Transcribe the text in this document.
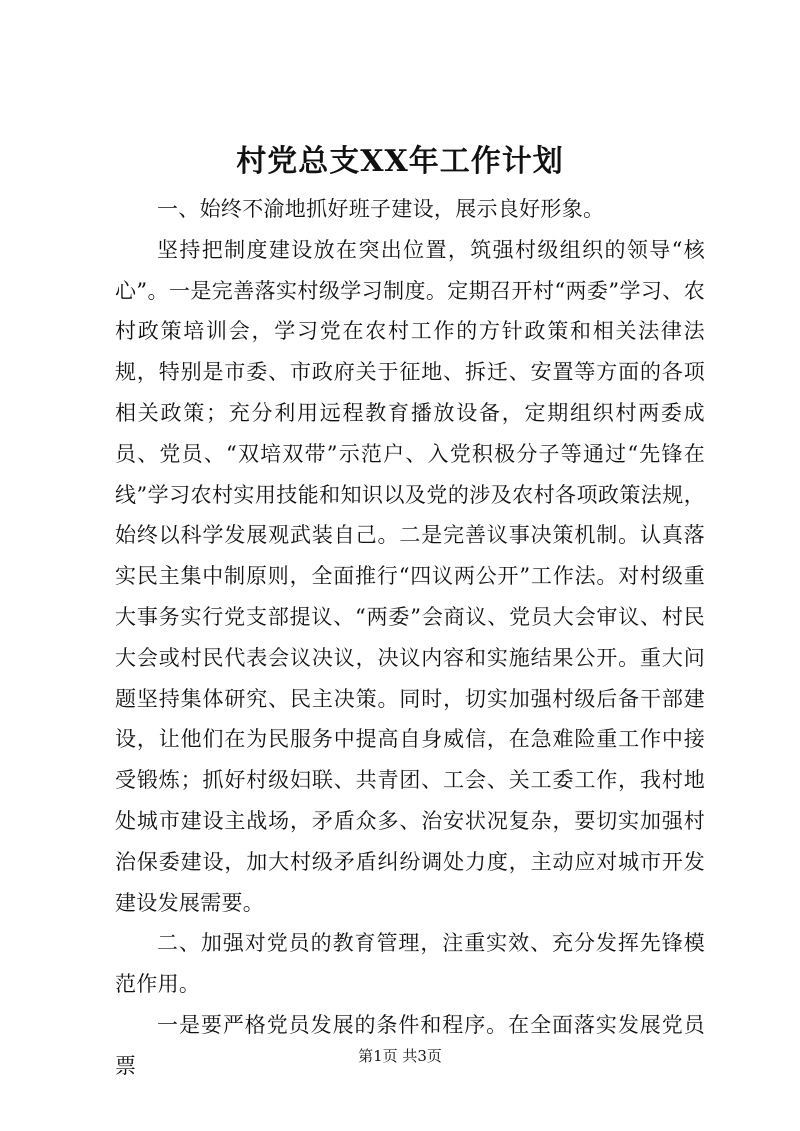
村党总支XX年工作计划

一、始终不渝地抓好班子建设，展示良好形象。

坚持把制度建设放在突出位置，筑强村级组织的领导“核心”。一是完善落实村级学习制度。定期召开村“两委”学习、农村政策培训会，学习党在农村工作的方针政策和相关法律法规，特别是市委、市政府关于征地、拆迁、安置等方面的各项相关政策；充分利用远程教育播放设备，定期组织村两委成员、党员、“双培双带”示范户、入党积极分子等通过“先锋在线”学习农村实用技能和知识以及党的涉及农村各项政策法规，始终以科学发展观武装自己。二是完善议事决策机制。认真落实民主集中制原则，全面推行“四议两公开”工作法。对村级重大事务实行党支部提议、“两委”会商议、党员大会审议、村民大会或村民代表会议决议，决议内容和实施结果公开。重大问题坚持集体研究、民主决策。同时，切实加强村级后备干部建设，让他们在为民服务中提高自身威信，在急难险重工作中接受锻炼；抓好村级妇联、共青团、工会、关工委工作，我村地处城市建设主战场，矛盾众多、治安状况复杂，要切实加强村治保委建设，加大村级矛盾纠纷调处力度，主动应对城市开发建设发展需要。

二、加强对党员的教育管理，注重实效、充分发挥先锋模范作用。

一是要严格党员发展的条件和程序。在全面落实发展党员票	第1页 共3页
